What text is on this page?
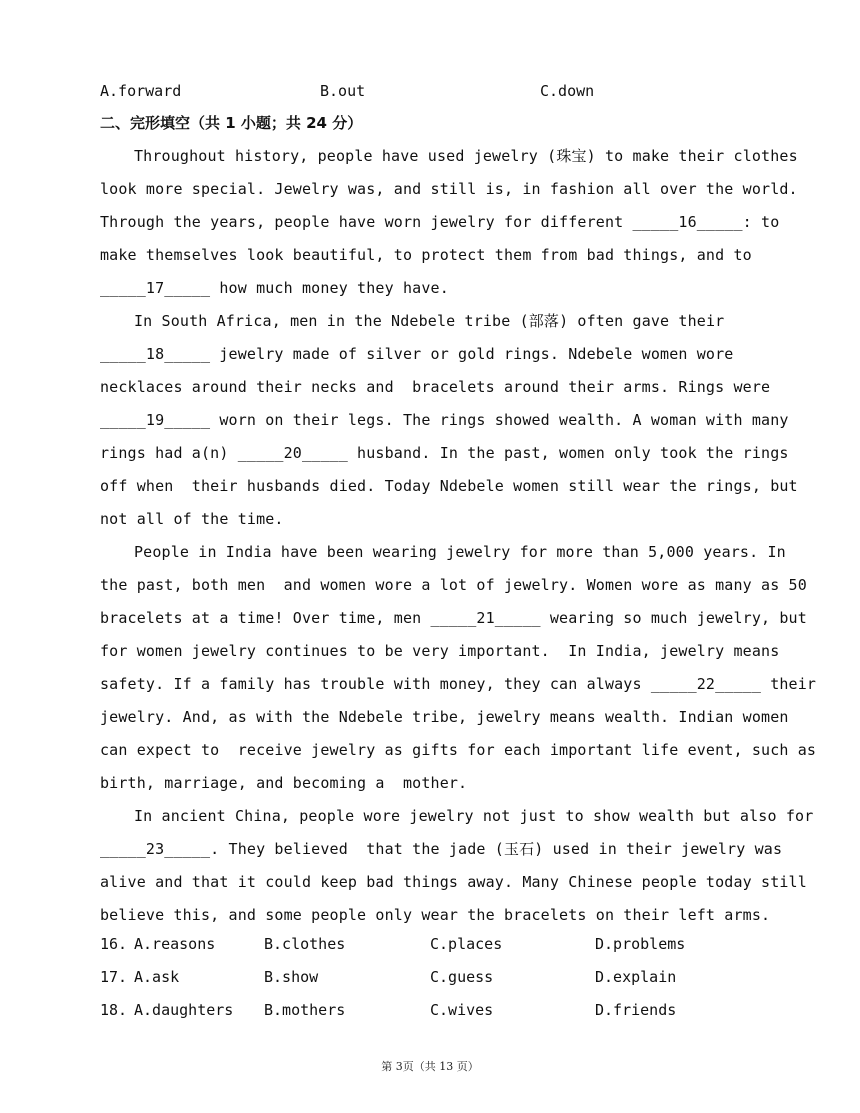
A.forward	B.out	C.down
二、完形填空（共 1 小题；共 24 分）
Throughout history, people have used jewelry (珠宝) to make their clothes
look more special. Jewelry was, and still is, in fashion all over the world.
Through the years, people have worn jewelry for different _____16_____: to
make themselves look beautiful, to protect them from bad things, and to
_____17_____ how much money they have.
In South Africa, men in the Ndebele tribe (部落) often gave their
_____18_____ jewelry made of silver or gold rings. Ndebele women wore
necklaces around their necks and  bracelets around their arms. Rings were
_____19_____ worn on their legs. The rings showed wealth. A woman with many
rings had a(n) _____20_____ husband. In the past, women only took the rings
off when  their husbands died. Today Ndebele women still wear the rings, but
not all of the time.
People in India have been wearing jewelry for more than 5,000 years. In
the past, both men  and women wore a lot of jewelry. Women wore as many as 50
bracelets at a time! Over time, men _____21_____ wearing so much jewelry, but
for women jewelry continues to be very important.  In India, jewelry means
safety. If a family has trouble with money, they can always _____22_____ their
jewelry. And, as with the Ndebele tribe, jewelry means wealth. Indian women
can expect to  receive jewelry as gifts for each important life event, such as
birth, marriage, and becoming a  mother.
In ancient China, people wore jewelry not just to show wealth but also for
_____23_____. They believed  that the jade (玉石) used in their jewelry was
alive and that it could keep bad things away. Many Chinese people today still
believe this, and some people only wear the bracelets on their left arms.
16. A.reasons	B.clothes	C.places	D.problems
17. A.ask	B.show	C.guess	D.explain
18. A.daughters B.mothers	C.wives	D.friends
第 3页（共 13 页）
